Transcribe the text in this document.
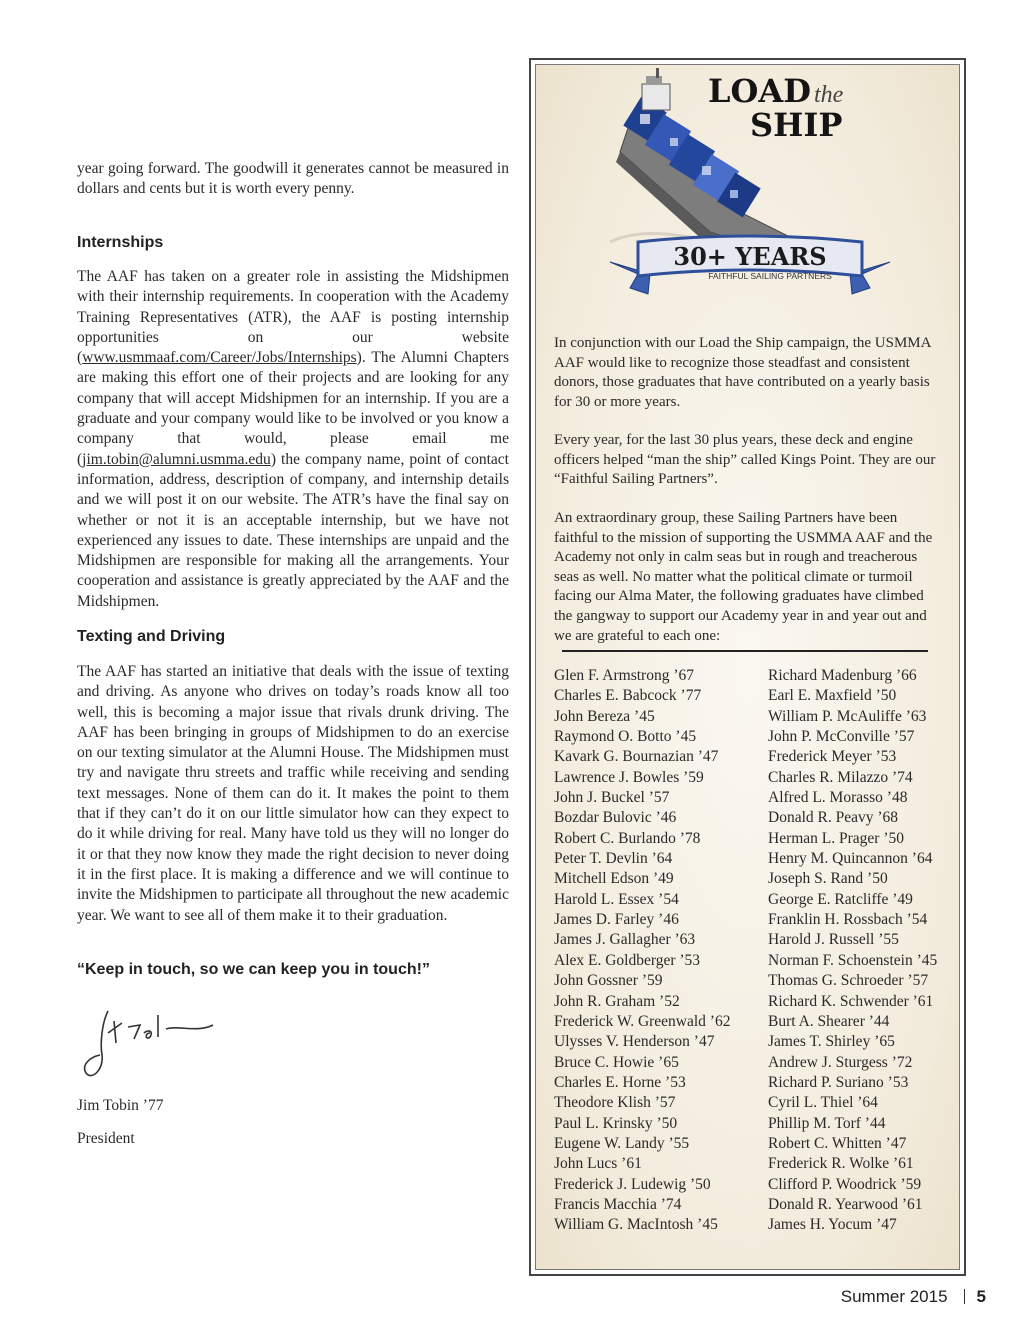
year going forward. The goodwill it generates cannot be measured in dollars and cents but it is worth every penny.

Internships

The AAF has taken on a greater role in assisting the Midshipmen with their internship requirements. In cooperation with the Academy Training Representatives (ATR), the AAF is posting internship opportunities on our website (www.usmmaaf.com/Career/Jobs/Internships). The Alumni Chapters are making this effort one of their projects and are looking for any company that will accept Midshipmen for an internship. If you are a graduate and your company would like to be involved or you know a company that would, please email me (jim.tobin@alumni.usmma.edu) the company name, point of contact information, address, description of company, and internship details and we will post it on our website. The ATR’s have the final say on whether or not it is an acceptable internship, but we have not experienced any issues to date. These internships are unpaid and the Midshipmen are responsible for making all the arrangements. Your cooperation and assistance is greatly appreciated by the AAF and the Midshipmen.

Texting and Driving

The AAF has started an initiative that deals with the issue of texting and driving. As anyone who drives on today’s roads know all too well, this is becoming a major issue that rivals drunk driving. The AAF has been bringing in groups of Midshipmen to do an exercise on our texting simulator at the Alumni House. The Midshipmen must try and navigate thru streets and traffic while receiving and sending text messages. None of them can do it. It makes the point to them that if they can’t do it on our little simulator how can they expect to do it while driving for real. Many have told us they will no longer do it or that they now know they made the right decision to never doing it in the first place. It is making a difference and we will continue to invite the Midshipmen to participate all throughout the new academic year. We want to see all of them make it to their graduation.

“Keep in touch, so we can keep you in touch!”
Jim Tobin ’77
President
LOAD the
SHIP
30+ YEARS
FAITHFUL SAILING PARTNERS

In conjunction with our Load the Ship campaign, the USMMA AAF would like to recognize those steadfast and consistent donors, those graduates that have contributed on a yearly basis for 30 or more years.

Every year, for the last 30 plus years, these deck and engine officers helped “man the ship” called Kings Point. They are our “Faithful Sailing Partners”.

An extraordinary group, these Sailing Partners have been faithful to the mission of supporting the USMMA AAF and the Academy not only in calm seas but in rough and treacherous seas as well. No matter what the political climate or turmoil facing our Alma Mater, the following graduates have climbed the gangway to support our Academy year in and year out and we are grateful to each one:

Glen F. Armstrong ’67
Charles E. Babcock ’77
John Bereza ’45
Raymond O. Botto ’45
Kavark G. Bournazian ’47
Lawrence J. Bowles ’59
John J. Buckel ’57
Bozdar Bulovic ’46
Robert C. Burlando ’78
Peter T. Devlin ’64
Mitchell Edson ’49
Harold L. Essex ’54
James D. Farley ’46
James J. Gallagher ’63
Alex E. Goldberger ’53
John Gossner ’59
John R. Graham ’52
Frederick W. Greenwald ’62
Ulysses V. Henderson ’47
Bruce C. Howie ’65
Charles E. Horne ’53
Theodore Klish ’57
Paul L. Krinsky ’50
Eugene W. Landy ’55
John Lucs ’61
Frederick J. Ludewig ’50
Francis Macchia ’74
William G. MacIntosh ’45
Richard Madenburg ’66
Earl E. Maxfield ’50
William P. McAuliffe ’63
John P. McConville ’57
Frederick Meyer ’53
Charles R. Milazzo ’74
Alfred L. Morasso ’48
Donald R. Peavy ’68
Herman L. Prager ’50
Henry M. Quincannon ’64
Joseph S. Rand ’50
George E. Ratcliffe ’49
Franklin H. Rossbach ’54
Harold J. Russell ’55
Norman F. Schoenstein ’45
Thomas G. Schroeder ’57
Richard K. Schwender ’61
Burt A. Shearer ’44
James T. Shirley ’65
Andrew J. Sturgess ’72
Richard P. Suriano ’53
Cyril L. Thiel ’64
Phillip M. Torf ’44
Robert C. Whitten ’47
Frederick R. Wolke ’61
Clifford P. Woodrick ’59
Donald R. Yearwood ’61
James H. Yocum ’47
Summer 2015 5
